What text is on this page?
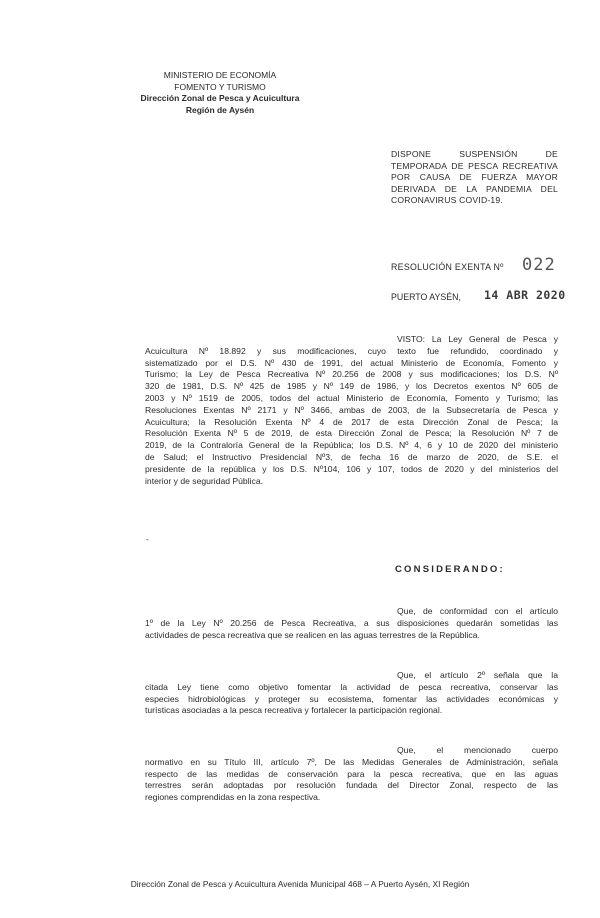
MINISTERIO DE ECONOMÍA
FOMENTO Y TURISMO
Dirección Zonal de Pesca y Acuicultura
Región de Aysén
DISPONE SUSPENSIÓN DE
TEMPORADA DE PESCA RECREATIVA
POR CAUSA DE FUERZA MAYOR
DERIVADA DE LA PANDEMIA DEL
CORONAVIRUS COVID-19.
RESOLUCIÓN EXENTA Nº 022
PUERTO AYSÉN, 14 ABR 2020
VISTO: La Ley General de Pesca y
Acuicultura Nº 18.892 y sus modificaciones, cuyo texto fue refundido, coordinado y
sistematizado por el D.S. Nº 430 de 1991, del actual Ministerio de Economía, Fomento y
Turismo; la Ley de Pesca Recreativa Nº 20.256 de 2008 y sus modificaciones; los D.S. Nº
320 de 1981, D.S. Nº 425 de 1985 y Nº 149 de 1986, y los Decretos exentos Nº 605 de
2003 y Nº 1519 de 2005, todos del actual Ministerio de Economía, Fomento y Turismo; las
Resoluciones Exentas Nº 2171 y Nº 3466, ambas de 2003, de la Subsecretaría de Pesca y
Acuicultura; la Resolución Exenta Nº 4 de 2017 de esta Dirección Zonal de Pesca; la
Resolución Exenta Nº 5 de 2019, de esta Dirección Zonal de Pesca; la Resolución Nº 7 de
2019, de la Contraloría General de la República; los D.S. Nº 4, 6 y 10 de 2020 del ministerio
de Salud; el Instructivo Presidencial Nº3, de fecha 16 de marzo de 2020, de S.E. el
presidente de la república y los D.S. Nº104, 106 y 107, todos de 2020 y del ministerios del
interior y de seguridad Pública.
-
CONSIDERANDO:
Que, de conformidad con el artículo
1º de la Ley Nº 20.256 de Pesca Recreativa, a sus disposiciones quedarán sometidas las
actividades de pesca recreativa que se realicen en las aguas terrestres de la República.
Que, el artículo 2º señala que la
citada Ley tiene como objetivo fomentar la actividad de pesca recreativa, conservar las
especies hidrobiológicas y proteger su ecosistema, fomentar las actividades económicas y
turísticas asociadas a la pesca recreativa y fortalecer la participación regional.
Que, el mencionado cuerpo
normativo en su Título III, artículo 7º, De las Medidas Generales de Administración, señala
respecto de las medidas de conservación para la pesca recreativa, que en las aguas
terrestres serán adoptadas por resolución fundada del Director Zonal, respecto de las
regiones comprendidas en la zona respectiva.
Dirección Zonal de Pesca y Acuicultura Avenida Municipal 468 – A Puerto Aysén, XI Región
